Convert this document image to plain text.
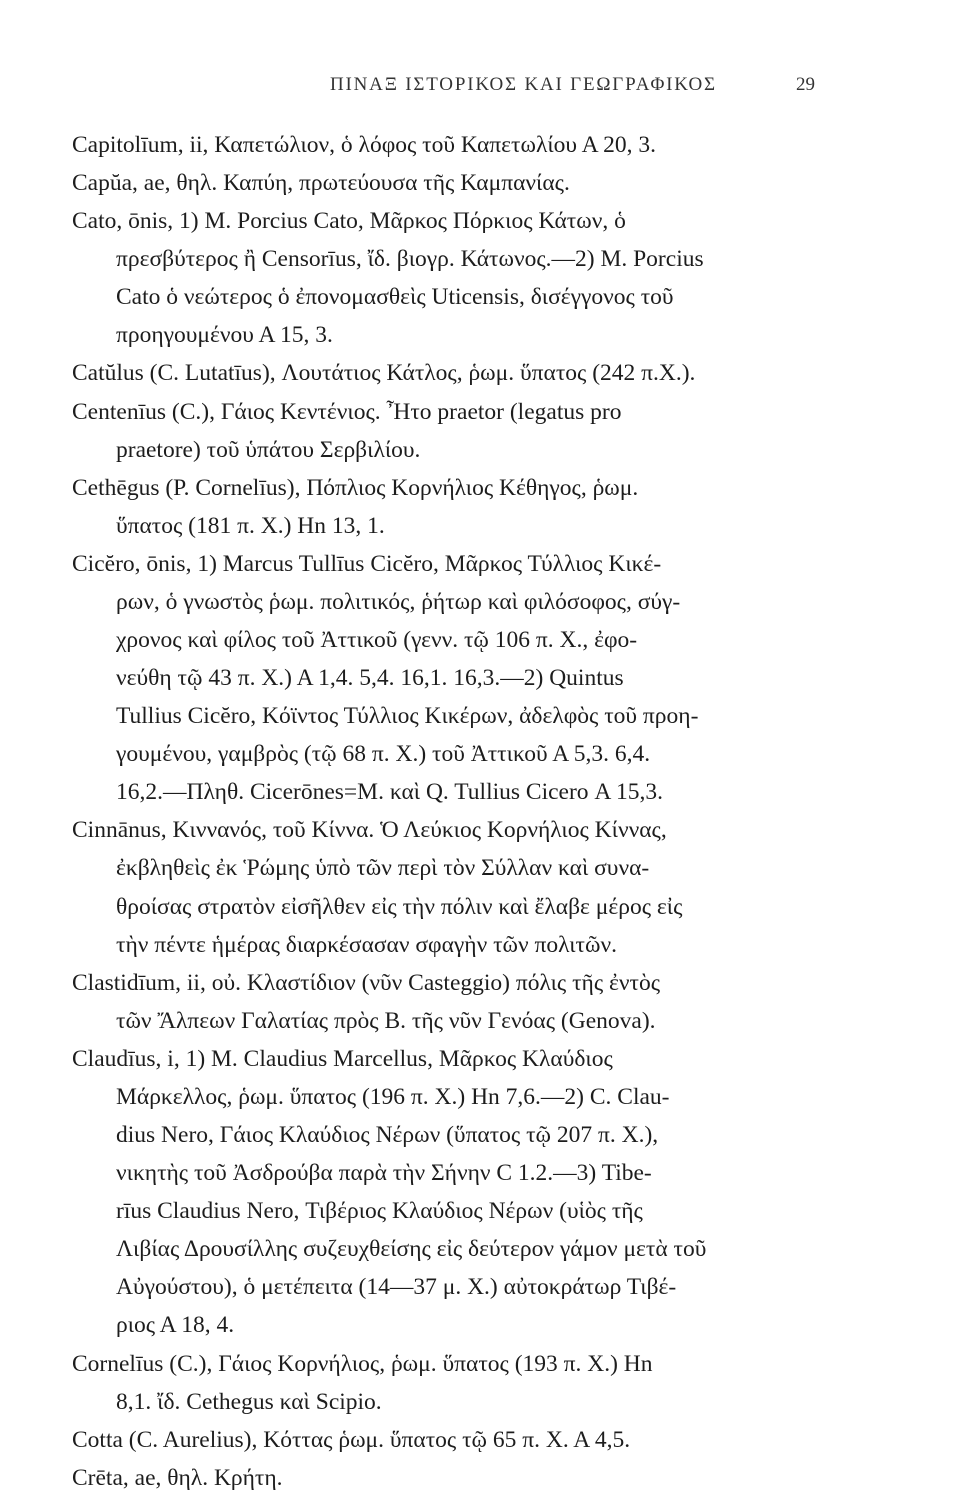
ΠΙΝΑΞ ΙΣΤΟΡΙΚΟΣ ΚΑΙ ΓΕΩΓΡΑΦΙΚΟΣ	29
Capitolīum, ii, Καπετώλιον, ὁ λόφος τοῦ Καπετωλίου Α 20, 3.
Capŭa, ae, θηλ. Καπύη, πρωτεύουσα τῆς Καμπανίας.
Cato, ōnis, 1) M. Porcius Cato, Μᾶρκος Πόρκιος Κάτων, ὁ
πρεσβύτερος ἢ Censorīus, ἴδ. βιογρ. Κάτωνος.—2) M. Porcius
Cato ὁ νεώτερος ὁ ἐπονομασθεὶς Uticensis, δισέγγονος τοῦ
προηγουμένου Α 15, 3.
Catŭlus (C. Lutatīus), Λουτάτιος Κάτλος, ῥωμ. ὕπατος (242 π.Χ.).
Centenīus (C.), Γάιος Κεντένιος. Ἦτο praetor (legatus pro
praetore) τοῦ ὑπάτου Σερβιλίου.
Cethēgus (P. Cornelīus), Πόπλιος Κορνήλιος Κέθηγος, ῥωμ.
ὕπατος (181 π. Χ.) Hn 13, 1.
Cicĕro, ōnis, 1) Marcus Tullīus Cicĕro, Μᾶρκος Τύλλιος Κικέ-
ρων, ὁ γνωστὸς ῥωμ. πολιτικός, ῥήτωρ καὶ φιλόσοφος, σύγ-
χρονος καὶ φίλος τοῦ Ἀττικοῦ (γενν. τῷ 106 π. Χ., ἐφο-
νεύθη τῷ 43 π. Χ.) Α 1,4. 5,4. 16,1. 16,3.—2) Quintus
Tullius Cicĕro, Κόϊντος Τύλλιος Κικέρων, ἀδελφὸς τοῦ προη-
γουμένου, γαμβρὸς (τῷ 68 π. Χ.) τοῦ Ἀττικοῦ Α 5,3. 6,4.
16,2.—Πληθ. Cicerōnes=M. καὶ Q. Tullius Cicero Α 15,3.
Cinnānus, Κιννανός, τοῦ Κίννα. Ὁ Λεύκιος Κορνήλιος Κίννας,
ἐκβληθεὶς ἐκ Ῥώμης ὑπὸ τῶν περὶ τὸν Σύλλαν καὶ συνα-
θροίσας στρατὸν εἰσῆλθεν εἰς τὴν πόλιν καὶ ἔλαβε μέρος εἰς
τὴν πέντε ἡμέρας διαρκέσασαν σφαγὴν τῶν πολιτῶν.
Clastidīum, ii, οὐ. Κλαστίδιον (νῦν Casteggio) πόλις τῆς ἐντὸς
τῶν Ἄλπεων Γαλατίας πρὸς Β. τῆς νῦν Γενόας (Genova).
Claudīus, i, 1) M. Claudius Marcellus, Μᾶρκος Κλαύδιος
Μάρκελλος, ῥωμ. ὕπατος (196 π. Χ.) Hn 7,6.—2) C. Clau-
dius Nero, Γάιος Κλαύδιος Νέρων (ὕπατος τῷ 207 π. Χ.),
νικητὴς τοῦ Ἀσδρούβα παρὰ τὴν Σήνην C 1.2.—3) Tibe-
rīus Claudius Nero, Τιβέριος Κλαύδιος Νέρων (υἱὸς τῆς
Λιβίας Δρουσίλλης συζευχθείσης εἰς δεύτερον γάμον μετὰ τοῦ
Αὐγούστου), ὁ μετέπειτα (14—37 μ. Χ.) αὐτοκράτωρ Τιβέ-
ριος Α 18, 4.
Cornelīus (C.), Γάιος Κορνήλιος, ῥωμ. ὕπατος (193 π. Χ.) Hn
8,1. ἴδ. Cethegus καὶ Scipio.
Cotta (C. Aurelius), Κόττας ῥωμ. ὕπατος τῷ 65 π. Χ. Α 4,5.
Crēta, ae, θηλ. Κρήτη.
